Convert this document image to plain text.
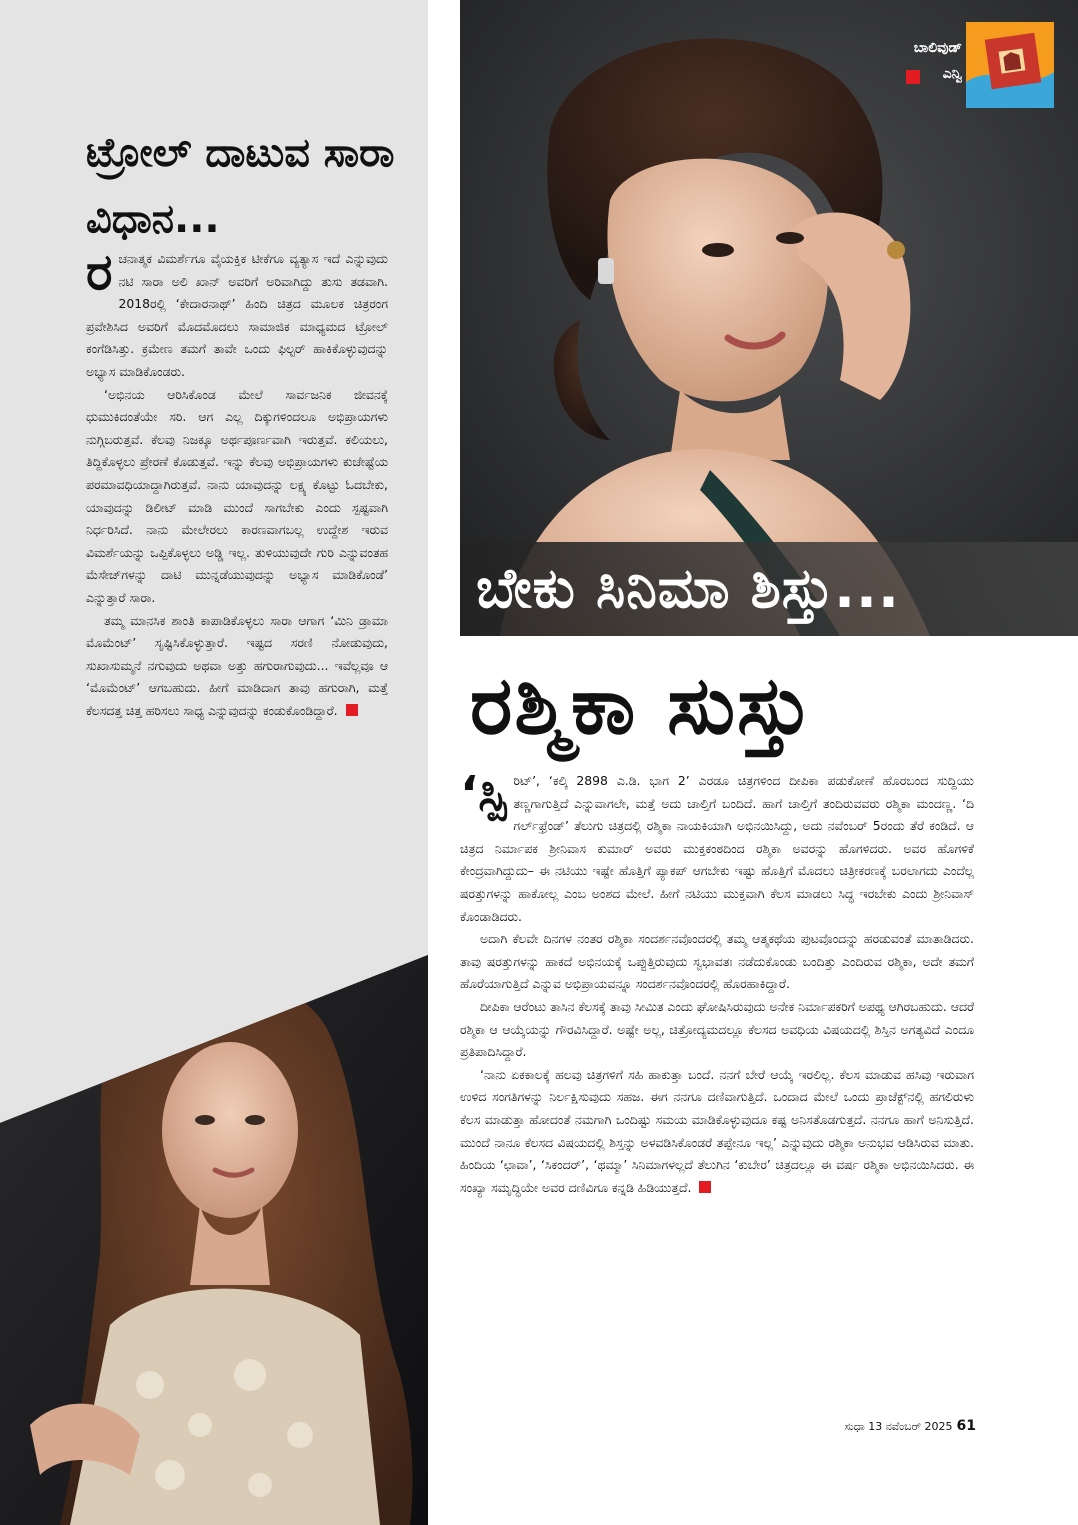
ಟ್ರೋಲ್ ದಾಟುವ ಸಾರಾ ವಿಧಾನ...

ರಚನಾತ್ಮಕ ವಿಮರ್ಶೆಗೂ ವೈಯಕ್ತಿಕ ಟೀಕೆಗೂ ವ್ಯತ್ಯಾಸ ಇದೆ ಎನ್ನುವುದು ನಟಿ ಸಾರಾ ಅಲಿ ಖಾನ್ ಅವರಿಗೆ ಅರಿವಾಗಿದ್ದು ತುಸು ತಡವಾಗಿ. 2018ರಲ್ಲಿ ‘ಕೇದಾರನಾಥ್’ ಹಿಂದಿ ಚಿತ್ರದ ಮೂಲಕ ಚಿತ್ರರಂಗ ಪ್ರವೇಶಿಸಿದ ಅವರಿಗೆ ಮೊದಮೊದಲು ಸಾಮಾಜಿಕ ಮಾಧ್ಯಮದ ಟ್ರೋಲ್ ಕಂಗೆಡಿಸಿತ್ತು. ಕ್ರಮೇಣ ತಮಗೆ ತಾವೇ ಒಂದು ಫಿಲ್ಟರ್ ಹಾಕಿಕೊಳ್ಳುವುದನ್ನು ಅಭ್ಯಾಸ ಮಾಡಿಕೊಂಡರು.

‘ಅಭಿನಯ ಆರಿಸಿಕೊಂಡ ಮೇಲೆ ಸಾರ್ವಜನಿಕ ಜೀವನಕ್ಕೆ ಧುಮುಕಿದಂತೆಯೇ ಸರಿ. ಆಗ ಎಲ್ಲ ದಿಕ್ಕುಗಳಿಂದಲೂ ಅಭಿಪ್ರಾಯಗಳು ನುಗ್ಗಿಬರುತ್ತವೆ. ಕೆಲವು ನಿಜಕ್ಕೂ ಅರ್ಥಪೂರ್ಣವಾಗಿ ಇರುತ್ತವೆ. ಕಲಿಯಲು, ತಿದ್ದಿಕೊಳ್ಳಲು ಪ್ರೇರಣೆ ಕೊಡುತ್ತವೆ. ಇನ್ನು ಕೆಲವು ಅಭಿಪ್ರಾಯಗಳು ಕುಚೇಷ್ಟೆಯ ಪರಮಾವಧಿಯಾದ್ದಾಗಿರುತ್ತವೆ. ನಾನು ಯಾವುದನ್ನು ಲಕ್ಷ್ಯ ಕೊಟ್ಟು ಓದಬೇಕು, ಯಾವುದನ್ನು ಡಿಲೀಟ್ ಮಾಡಿ ಮುಂದೆ ಸಾಗಬೇಕು ಎಂದು ಸ್ಪಷ್ಟವಾಗಿ ನಿರ್ಧರಿಸಿದೆ. ನಾನು ಮೇಲೇರಲು ಕಾರಣವಾಗಬಲ್ಲ ಉದ್ದೇಶ ಇರುವ ವಿಮರ್ಶೆಯನ್ನು ಒಪ್ಪಿಕೊಳ್ಳಲು ಅಡ್ಡಿ ಇಲ್ಲ. ತುಳಿಯುವುದೇ ಗುರಿ ಎನ್ನುವಂತಹ ಮೆಸೇಜ್‌ಗಳನ್ನು ದಾಟಿ ಮುನ್ನಡೆಯುವುದನ್ನು ಅಭ್ಯಾಸ ಮಾಡಿಕೊಂಡೆ’ ಎನ್ನುತ್ತಾರೆ ಸಾರಾ.

ತಮ್ಮ ಮಾನಸಿಕ ಶಾಂತಿ ಕಾಪಾಡಿಕೊಳ್ಳಲು ಸಾರಾ ಆಗಾಗ ‘ಮಿನಿ ಡ್ರಾಮಾ ಮೊಮೆಂಟ್’ ಸೃಷ್ಟಿಸಿಕೊಳ್ಳುತ್ತಾರೆ. ಇಷ್ಟದ ಸರಣಿ ನೋಡುವುದು, ಸುಖಾಸುಮ್ಮನೆ ನಗುವುದು ಅಥವಾ ಅತ್ತು ಹಗುರಾಗುವುದು... ಇವೆಲ್ಲವೂ ಆ ‘ಮೊಮೆಂಟ್’ ಆಗಬಹುದು. ಹೀಗೆ ಮಾಡಿದಾಗ ತಾವು ಹಗುರಾಗಿ, ಮತ್ತೆ ಕೆಲಸದತ್ತ ಚಿತ್ತ ಹರಿಸಲು ಸಾಧ್ಯ ಎನ್ನುವುದನ್ನು ಕಂಡುಕೊಂಡಿದ್ದಾರೆ.

ಬೇಕು ಸಿನಿಮಾ ಶಿಸ್ತು...

ಬಾಲಿವುಡ್

ಎನ್ವಿ

ರಶ್ಮಿಕಾ ಸುಸ್ತು

‘ಸ್ಪಿ ರಿಟ್’, ‘ಕಲ್ಕಿ 2898 ಎ.ಡಿ. ಭಾಗ 2’ ಎರಡೂ ಚಿತ್ರಗಳಿಂದ ದೀಪಿಕಾ ಪಡುಕೋಣೆ ಹೊರಬಂದ ಸುದ್ದಿಯು ತಣ್ಣಗಾಗುತ್ತಿದೆ ಎನ್ನುವಾಗಲೇ, ಮತ್ತೆ ಅದು ಚಾಲ್ತಿಗೆ ಬಂದಿದೆ. ಹಾಗೆ ಚಾಲ್ತಿಗೆ ತಂದಿರುವವರು ರಶ್ಮಿಕಾ ಮಂದಣ್ಣ. ‘ದಿ ಗರ್ಲ್‌ಫ್ರೆಂಡ್’ ತೆಲುಗು ಚಿತ್ರದಲ್ಲಿ ರಶ್ಮಿಕಾ ನಾಯಕಿಯಾಗಿ ಅಭಿನಯಿಸಿದ್ದು, ಅದು ನವೆಂಬರ್ 5ರಂದು ತೆರೆ ಕಂಡಿದೆ. ಆ ಚಿತ್ರದ ನಿರ್ಮಾಪಕ ಶ್ರೀನಿವಾಸ ಕುಮಾರ್ ಅವರು ಮುಕ್ತಕಂಠದಿಂದ ರಶ್ಮಿಕಾ ಅವರನ್ನು ಹೊಗಳಿದರು. ಅವರ ಹೊಗಳಿಕೆ ಕೇಂದ್ರವಾಗಿದ್ದುದು– ಈ ನಟಿಯು ಇಷ್ಟೇ ಹೊತ್ತಿಗೆ ಪ್ಯಾಕಪ್ ಆಗಬೇಕು ಇಷ್ಟು ಹೊತ್ತಿಗೆ ಮೊದಲು ಚಿತ್ರೀಕರಣಕ್ಕೆ ಬರಲಾಗದು ಎಂದೆಲ್ಲ ಷರತ್ತುಗಳನ್ನು ಹಾಕೋಲ್ಲ ಎಂಬ ಅಂಶದ ಮೇಲೆ. ಹೀಗೆ ನಟಿಯು ಮುಕ್ತವಾಗಿ ಕೆಲಸ ಮಾಡಲು ಸಿದ್ಧ ಇರಬೇಕು ಎಂದು ಶ್ರೀನಿವಾಸ್ ಕೊಂಡಾಡಿದರು.

ಅದಾಗಿ ಕೆಲವೇ ದಿನಗಳ ನಂತರ ರಶ್ಮಿಕಾ ಸಂದರ್ಶನವೊಂದರಲ್ಲಿ ತಮ್ಮ ಆತ್ಮಕಥೆಯ ಪುಟವೊಂದನ್ನು ಹರಡುವಂತೆ ಮಾತಾಡಿದರು. ತಾವು ಷರತ್ತುಗಳನ್ನು ಹಾಕದೆ ಅಭಿನಯಕ್ಕೆ ಒಪ್ಪುತ್ತಿರುವುದು ಸ್ವಭಾವತಃ ನಡೆದುಕೊಂಡು ಬಂದಿತ್ತು ಎಂದಿರುವ ರಶ್ಮಿಕಾ, ಅದೇ ತಮಗೆ ಹೊರೆಯಾಗುತ್ತಿದೆ ಎನ್ನುವ ಅಭಿಪ್ರಾಯವನ್ನೂ ಸಂದರ್ಶನವೊಂದರಲ್ಲಿ ಹೊರಹಾಕಿದ್ದಾರೆ.

ದೀಪಿಕಾ ಆರೆಂಟು ತಾಸಿನ ಕೆಲಸಕ್ಕೆ ತಾವು ಸೀಮಿತ ಎಂದು ಘೋಷಿಸಿರುವುದು ಅನೇಕ ನಿರ್ಮಾಪಕರಿಗೆ ಅಪಥ್ಯ ಆಗಿರಬಹುದು. ಆದರೆ ರಶ್ಮಿಕಾ ಆ ಆಯ್ಕೆಯನ್ನು ಗೌರವಿಸಿದ್ದಾರೆ. ಅಷ್ಟೇ ಅಲ್ಲ, ಚಿತ್ರೋದ್ಯಮದಲ್ಲೂ ಕೆಲಸದ ಅವಧಿಯ ವಿಷಯದಲ್ಲಿ ಶಿಸ್ತಿನ ಅಗತ್ಯವಿದೆ ಎಂದೂ ಪ್ರತಿಪಾದಿಸಿದ್ದಾರೆ.

‘ನಾನು ಏಕಕಾಲಕ್ಕೆ ಹಲವು ಚಿತ್ರಗಳಿಗೆ ಸಹಿ ಹಾಕುತ್ತಾ ಬಂದೆ. ನನಗೆ ಬೇರೆ ಆಯ್ಕೆ ಇರಲಿಲ್ಲ. ಕೆಲಸ ಮಾಡುವ ಹಸಿವು ಇರುವಾಗ ಉಳಿದ ಸಂಗತಿಗಳನ್ನು ನಿರ್ಲಕ್ಷಿಸುವುದು ಸಹಜ. ಈಗ ನನಗೂ ದಣಿವಾಗುತ್ತಿದೆ. ಒಂದಾದ ಮೇಲೆ ಒಂದು ಪ್ರಾಜೆಕ್ಟ್‌ನಲ್ಲಿ ಹಗಲಿರುಳು ಕೆಲಸ ಮಾಡುತ್ತಾ ಹೋದಂತೆ ನಮಗಾಗಿ ಒಂದಿಷ್ಟು ಸಮಯ ಮಾಡಿಕೊಳ್ಳುವುದೂ ಕಷ್ಟ ಅನಿಸತೊಡಗುತ್ತದೆ. ನನಗೂ ಹಾಗೆ ಅನಿಸುತ್ತಿದೆ. ಮುಂದೆ ನಾನೂ ಕೆಲಸದ ವಿಷಯದಲ್ಲಿ ಶಿಸ್ತನ್ನು ಅಳವಡಿಸಿಕೊಂಡರೆ ತಪ್ಪೇನೂ ಇಲ್ಲ’ ಎನ್ನುವುದು ರಶ್ಮಿಕಾ ಅನುಭವ ಆಡಿಸಿರುವ ಮಾತು. ಹಿಂದಿಯ ‘ಛಾವಾ’, ‘ಸಿಕಂದರ್’, ‘ಥಮ್ಮಾ’ ಸಿನಿಮಾಗಳಲ್ಲದೆ ತೆಲುಗಿನ ‘ಕುಬೇರ’ ಚಿತ್ರದಲ್ಲೂ ಈ ವರ್ಷ ರಶ್ಮಿಕಾ ಅಭಿನಯಿಸಿದರು. ಈ ಸಂಖ್ಯಾ ಸಮೃದ್ಧಿಯೇ ಅವರ ದಣಿವಿಗೂ ಕನ್ನಡಿ ಹಿಡಿಯುತ್ತದೆ.

ಸುಧಾ 13 ನವೆಂಬರ್ 2025 61
